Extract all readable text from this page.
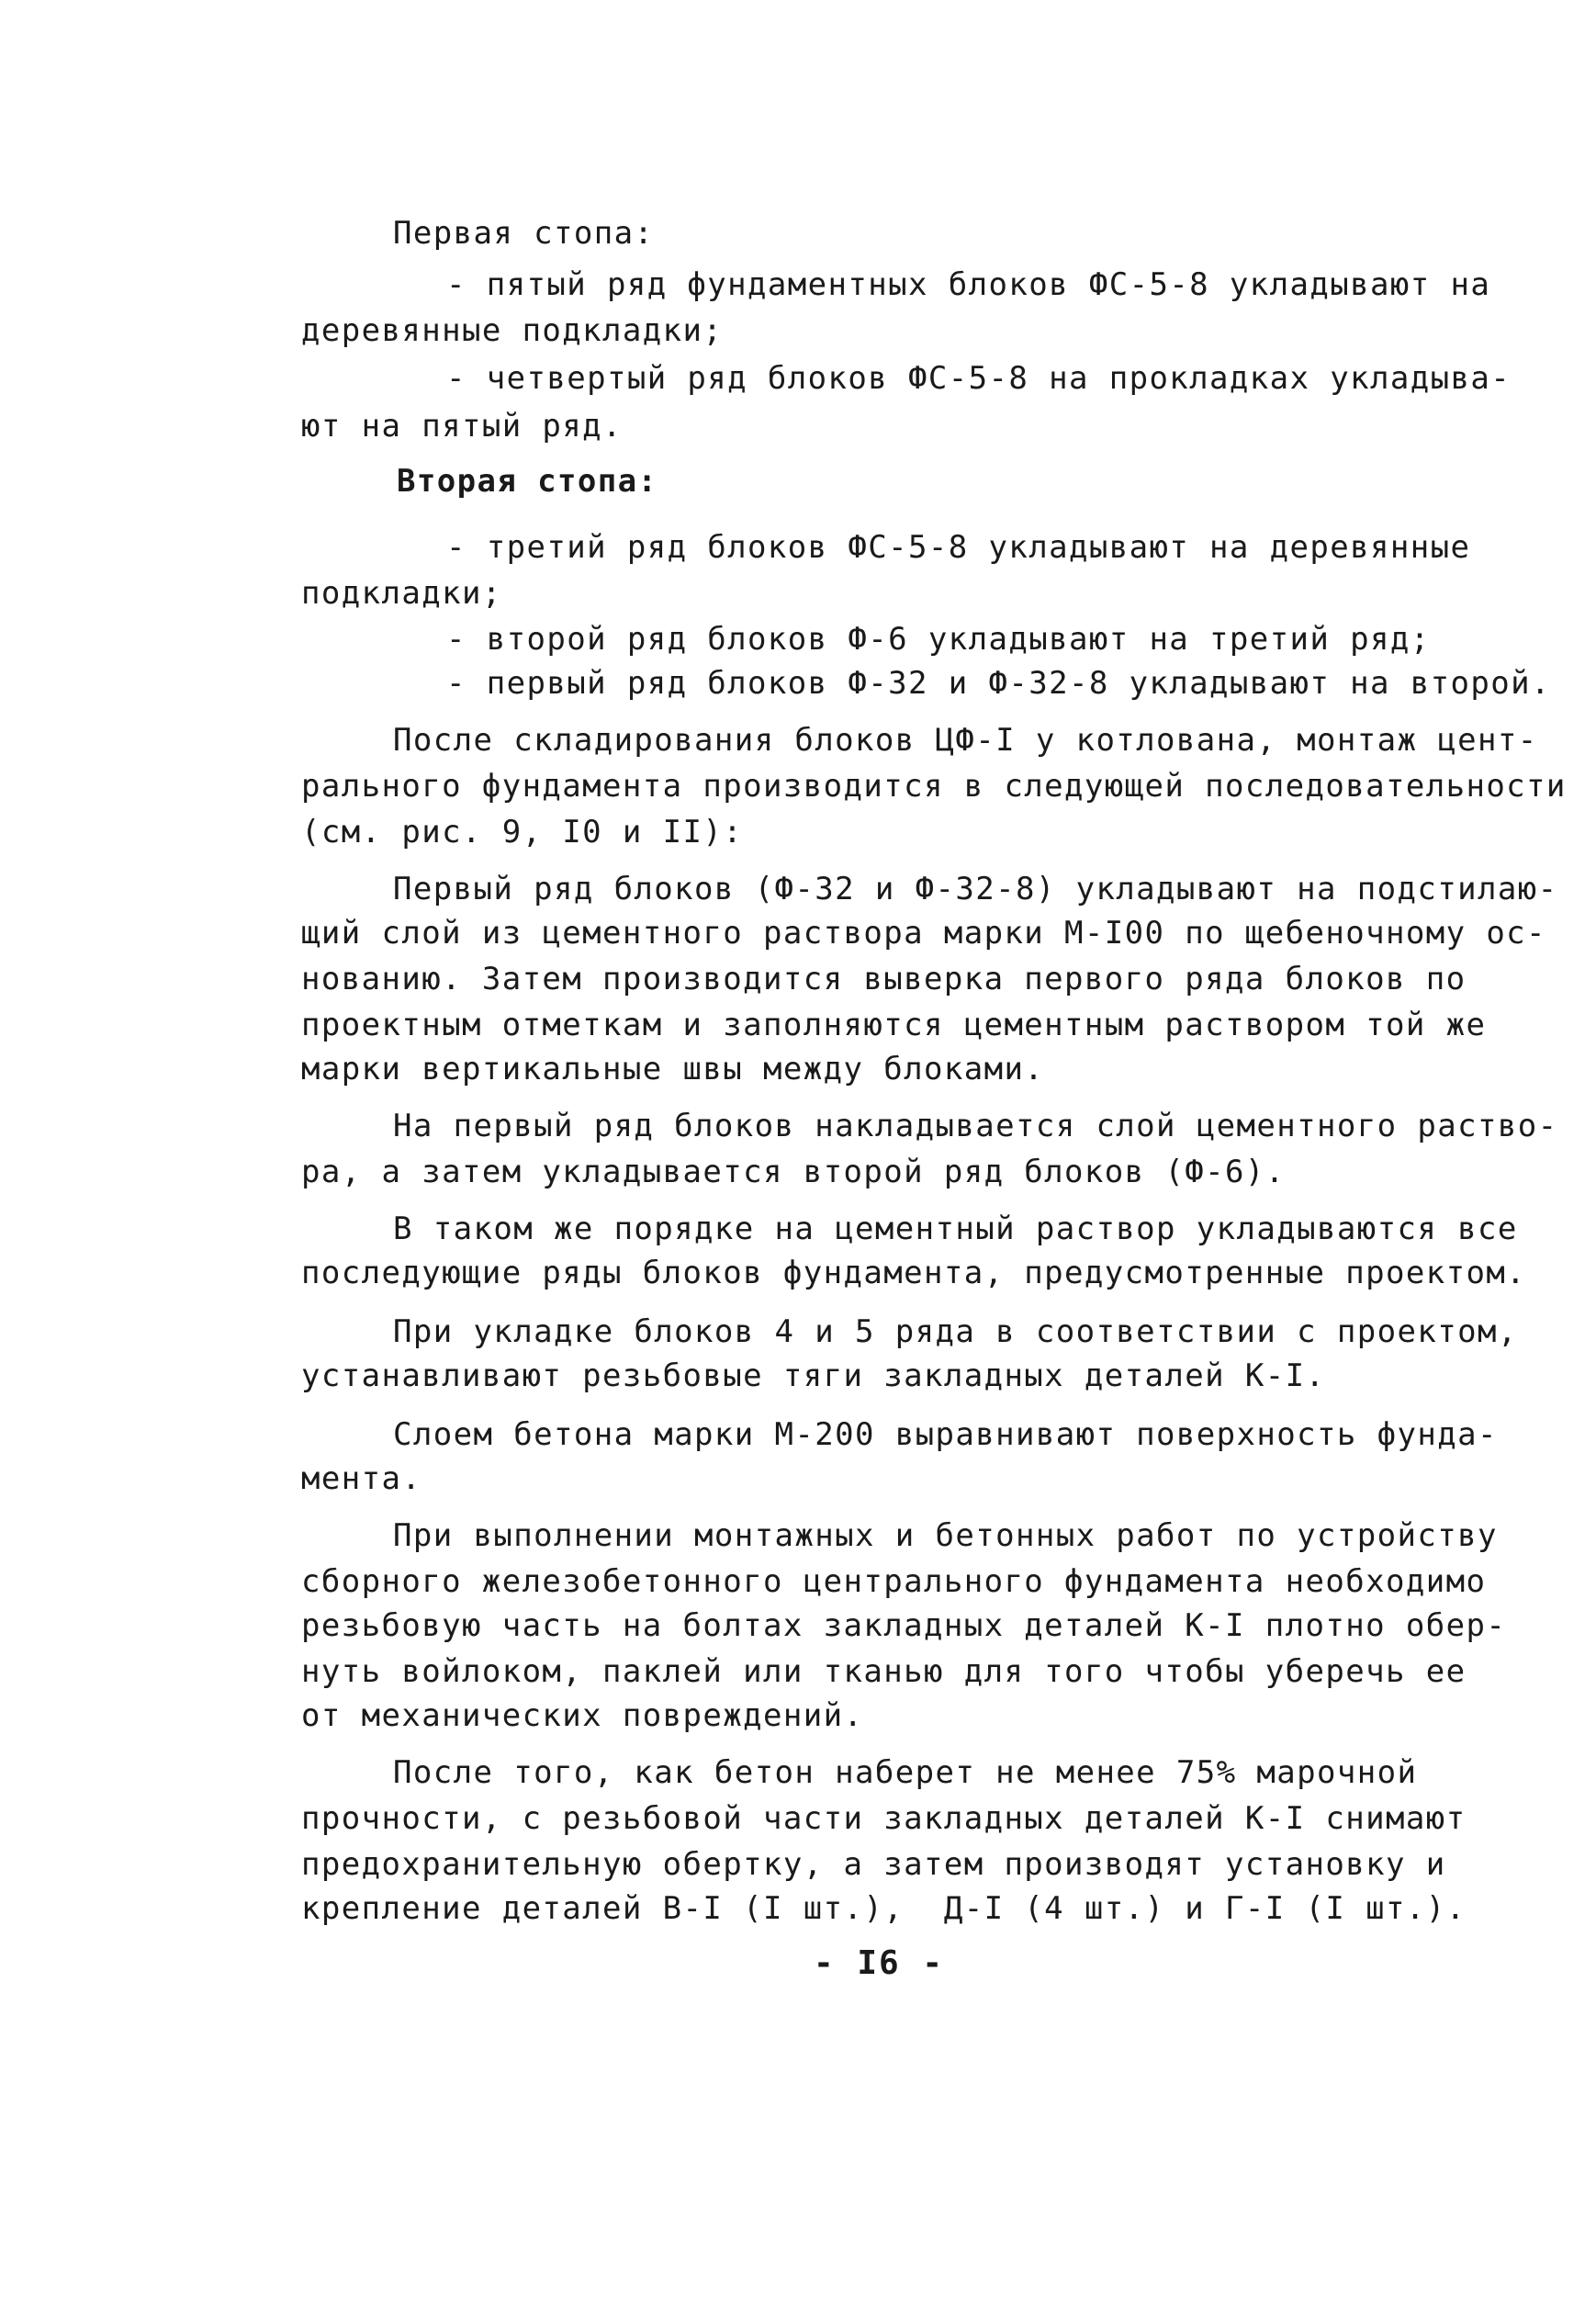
Первая стопа:
- пятый ряд фундаментных блоков ФС-5-8 укладывают на
деревянные подкладки;
- четвертый ряд блоков ФС-5-8 на прокладках укладыва-
ют на пятый ряд.
Вторая стопа:
- третий ряд блоков ФС-5-8 укладывают на деревянные
подкладки;
- второй ряд блоков Ф-6 укладывают на третий ряд;
- первый ряд блоков Ф-32 и Ф-32-8 укладывают на второй.
После складирования блоков ЦФ-I у котлована, монтаж цент-
рального фундамента производится в следующей последовательности
(см. рис. 9, I0 и II):
Первый ряд блоков (Ф-32 и Ф-32-8) укладывают на подстилаю-
щий слой из цементного раствора марки М-I00 по щебеночному ос-
нованию. Затем производится выверка первого ряда блоков по
проектным отметкам и заполняются цементным раствором той же
марки вертикальные швы между блоками.
На первый ряд блоков накладывается слой цементного раство-
ра, а затем укладывается второй ряд блоков (Ф-6).
В таком же порядке на цементный раствор укладываются все
последующие ряды блоков фундамента, предусмотренные проектом.
При укладке блоков 4 и 5 ряда в соответствии с проектом,
устанавливают резьбовые тяги закладных деталей К-I.
Слоем бетона марки М-200 выравнивают поверхность фунда-
мента.
При выполнении монтажных и бетонных работ по устройству
сборного железобетонного центрального фундамента необходимо
резьбовую часть на болтах закладных деталей К-I плотно обер-
нуть войлоком, паклей или тканью для того чтобы уберечь ее
от механических повреждений.
После того, как бетон наберет не менее 75% марочной
прочности, с резьбовой части закладных деталей К-I снимают
предохранительную обертку, а затем производят установку и
крепление деталей В-I (I шт.),  Д-I (4 шт.) и Г-I (I шт.).
- I6 -
